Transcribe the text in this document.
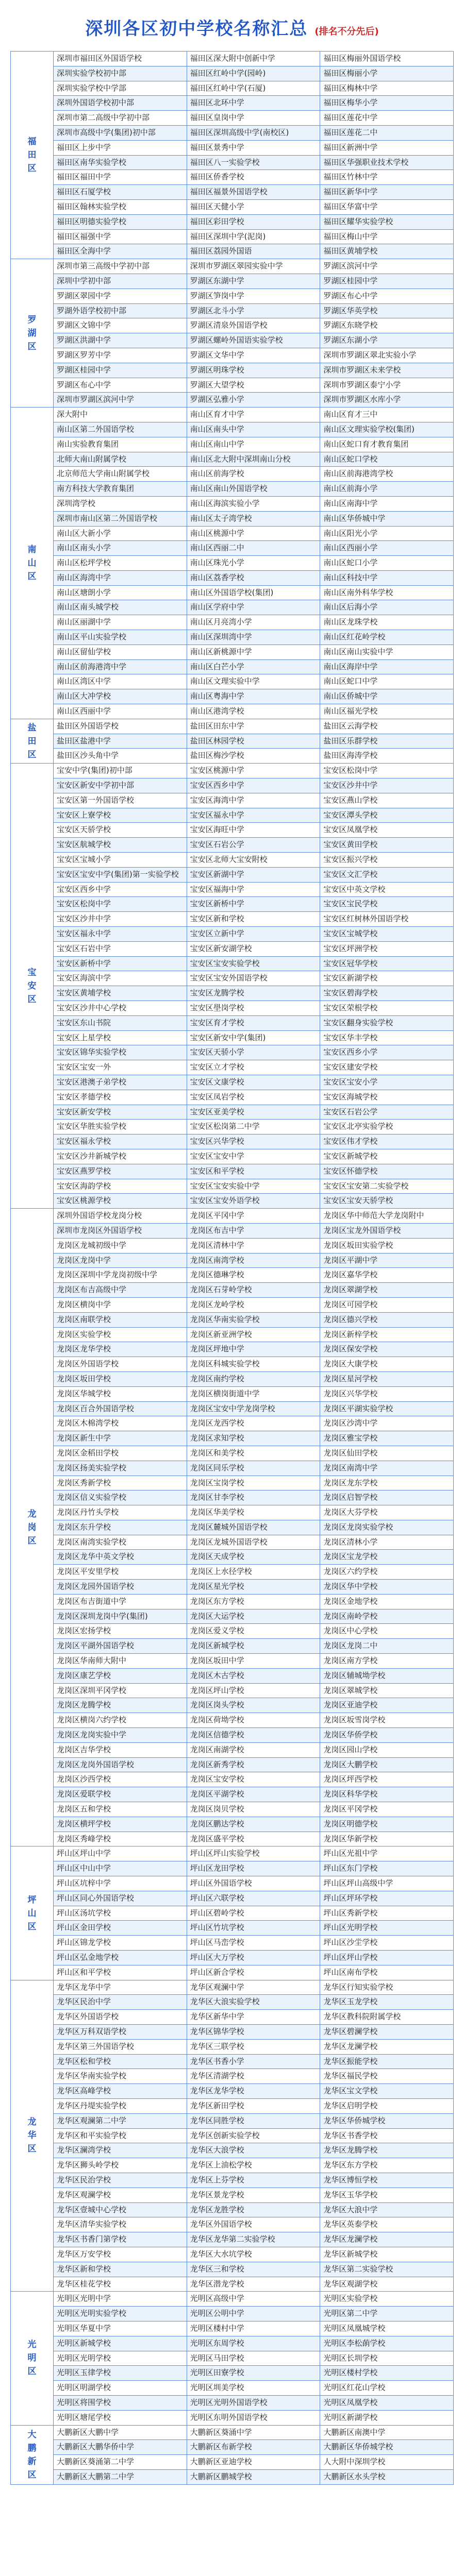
深圳各区初中学校名称汇总 (排名不分先后)
福
田
区	深圳市福田区外国语学校	福田区深大附中创新中学	福田区梅丽外国语学校
	深圳实验学校初中部	福田区红岭中学(园岭)	福田区梅丽小学
	深圳实验学校中学部	福田区红岭中学(石厦)	福田区梅林中学
	深圳外国语学校初中部	福田区北环中学	福田区梅华小学
	深圳市第二高级中学初中部	福田区皇岗中学	福田区莲花中学
	深圳市高级中学(集团)初中部	福田区深圳高级中学(南校区)	福田区莲花二中
	福田区上步中学	福田区景秀中学	福田区新洲中学
	福田区南华实验学校	福田区八一实验学校	福田区华强职业技术学校
	福田区福田中学	福田区侨香学校	福田区竹林中学
	福田区石厦学校	福田区福景外国语学校	福田区新华中学
	福田区翰林实验学校	福田区天健小学	福田区华富中学
	福田区明德实验学校	福田区彩田学校	福田区耀华实验学校
	福田区福强中学	福田区深圳中学(泥岗)	福田区梅山中学
	福田区全海中学	福田区荔园外国语	福田区黄埔学校
罗
湖
区	深圳市第三高级中学初中部	深圳市罗湖区翠园实验中学	罗湖区滨河中学
	深圳中学初中部	罗湖区东湖中学	罗湖区桂园中学
	罗湖区翠园中学	罗湖区笋岗中学	罗湖区布心中学
	罗湖外语学校初中部	罗湖区北斗小学	罗湖区华英学校
	罗湖区文锦中学	罗湖区清泉外国语学校	罗湖区东晓学校
	罗湖区洪湖中学	罗湖区螺岭外国语实验学校	罗湖区东湖小学
	罗湖区罗芳中学	罗湖区文华中学	深圳市罗湖区翠北实验小学
	罗湖区桂园中学	罗湖区明珠学校	深圳市罗湖区未来学校
	罗湖区布心中学	罗湖区大望学校	深圳市罗湖区泰宁小学
	深圳市罗湖区滨河中学	罗湖区弘雅小学	深圳市罗湖区水库小学
南
山
区	深大附中	南山区育才中学	南山区育才三中
	南山区第二外国语学校	南山区南头中学	南山区文理实验学校(集团)
	南山实验教育集团	南山区南山中学	南山区蛇口育才教育集团
	北师大南山附属学校	南山区北大附中深圳南山分校	南山区蛇口学校
	北京师范大学南山附属学校	南山区前海学校	南山区前海港湾学校
	南方科技大学教育集团	南山区南山外国语学校	南山区前海小学
	深圳湾学校	南山区海滨实验小学	南山区南海中学
	深圳市南山区第二外国语学校	南山区太子湾学校	南山区华侨城中学
	南山区大新小学	南山区桃源中学	南山区阳光小学
	南山区南头小学	南山区西丽二中	南山区西丽小学
	南山区松坪学校	南山区珠光小学	南山区蛇口小学
	南山区海湾中学	南山区荔香学校	南山区科技中学
	南山区塘朗小学	南山区外国语学校(集团)	南山区南外科华学校
	南山区南头城学校	南山区学府中学	南山区后海小学
	南山区丽湖中学	南山区月亮湾小学	南山区龙珠学校
	南山区平山实验学校	南山区深圳湾中学	南山区红花岭学校
	南山区留仙学校	南山区新桃源中学	南山区南山实验中学
	南山区前海港湾中学	南山区白芒小学	南山区海岸中学
	南山区湾区中学	南山区文理实验中学	南山区蛇口中学
	南山区大冲学校	南山区粤海中学	南山区侨城中学
	南山区西丽中学	南山区港湾学校	南山区福光学校
盐
田
区	盐田区外国语学校	盐田区田东中学	盐田区云海学校
	盐田区盐港中学	盐田区林园学校	盐田区乐群学校
	盐田区沙头角中学	盐田区梅沙学校	盐田区海涛学校
宝
安
区	宝安中学(集团)初中部	宝安区桃源中学	宝安区松岗中学
	宝安区新安中学初中部	宝安区西乡中学	宝安区沙井中学
	宝安区第一外国语学校	宝安区海湾中学	宝安区燕山学校
	宝安区上寮学校	宝安区福永中学	宝安区潭头学校
	宝安区天骄学校	宝安区海旺中学	宝安区凤凰学校
	宝安区航城学校	宝安区石岩公学	宝安区黄田学校
	宝安区宝城小学	宝安区北师大宝安附校	宝安区振兴学校
	宝安区宝安中学(集团)第一实验学校	宝安区新湖中学	宝安区文汇学校
	宝安区西乡中学	宝安区福海中学	宝安区中英文学校
	宝安区松岗中学	宝安区新桥中学	宝安区宝民学校
	宝安区沙井中学	宝安区新和学校	宝安区红树林外国语学校
	宝安区福永中学	宝安区立新中学	宝安区宝城学校
	宝安区石岩中学	宝安区新安湖学校	宝安区坪洲学校
	宝安区新桥中学	宝安区宝安实验学校	宝安区冠华学校
	宝安区海滨中学	宝安区宝安外国语学校	宝安区新湖学校
	宝安区黄埔学校	宝安区龙腾学校	宝安区碧海学校
	宝安区沙井中心学校	宝安区壆岗学校	宝安区荣根学校
	宝安区东山书院	宝安区育才学校	宝安区翻身实验学校
	宝安区上星学校	宝安区新安中学(集团)	宝安区华丰学校
	宝安区锦华实验学校	宝安区天骄小学	宝安区西乡小学
	宝安区宝安一外	宝安区立才学校	宝安区建安学校
	宝安区港澳子弟学校	宝安区文康学校	宝安区宝安小学
	宝安区孝德学校	宝安区凤岩学校	宝安区海城学校
	宝安区新安学校	宝安区亚美学校	宝安区石岩公学
	宝安区华胜实验学校	宝安区松岗第二中学	宝安区北亭实验学校
	宝安区福永学校	宝安区兴华学校	宝安区伟才学校
	宝安区沙井新城学校	宝安区宝安中学	宝安区新城学校
	宝安区燕罗学校	宝安区和平学校	宝安区怀德学校
	宝安区海韵学校	宝安区宝安实验中学	宝安区宝安第二实验学校
	宝安区桃源学校	宝安区宝安外语学校	宝安区宝安天骄学校
龙
岗
区	深圳外国语学校龙岗分校	龙岗区平冈中学	龙岗区华中师范大学龙岗附中
	深圳市龙岗区外国语学校	龙岗区布吉中学	龙岗区宝龙外国语学校
	龙岗区龙城初级中学	龙岗区清林中学	龙岗区坂田实验学校
	龙岗区龙岗中学	龙岗区南湾学校	龙岗区平湖中学
	龙岗区深圳中学龙岗初级中学	龙岗区德琳学校	龙岗区嘉华学校
	龙岗区布吉高级中学	龙岗区石芽岭学校	龙岗区翠湖学校
	龙岗区横岗中学	龙岗区龙岭学校	龙岗区可园学校
	龙岗区南联学校	龙岗区华南实验学校	龙岗区德兴学校
	龙岗区实验学校	龙岗区新亚洲学校	龙岗区新梓学校
	龙岗区龙华学校	龙岗区坪地中学	龙岗区保安学校
	龙岗区外国语学校	龙岗区科城实验学校	龙岗区大康学校
	龙岗区坂田学校	龙岗区南约学校	龙岗区星河学校
	龙岗区华城学校	龙岗区横岗街道中学	龙岗区兴华学校
	龙岗区百合外国语学校	龙岗区宝安中学龙岗学校	龙岗区平湖实验学校
	龙岗区木棉湾学校	龙岗区龙西学校	龙岗区沙湾中学
	龙岗区新生中学	龙岗区求知学校	龙岗区雅宝学校
	龙岗区金稻田学校	龙岗区和美学校	龙岗区仙田学校
	龙岗区扬美实验学校	龙岗区同乐学校	龙岗区南湾中学
	龙岗区秀新学校	龙岗区宝岗学校	龙岗区龙东学校
	龙岗区信义实验学校	龙岗区甘李学校	龙岗区启智学校
	龙岗区丹竹头学校	龙岗区华美学校	龙岗区大芬学校
	龙岗区东升学校	龙岗区麓城外国语学校	龙岗区龙岗实验学校
	龙岗区南湾实验学校	龙岗区龙城外国语学校	龙岗区清林小学
	龙岗区龙华中英文学校	龙岗区天成学校	龙岗区宝龙学校
	龙岗区平安里学校	龙岗区上水径学校	龙岗区六约学校
	龙岗区龙园外国语学校	龙岗区星光学校	龙岗区华中学校
	龙岗区布吉街道中学	龙岗区东方学校	龙岗区金地学校
	龙岗区深圳龙岗中学(集团)	龙岗区大运学校	龙岗区南岭学校
	龙岗区宏扬学校	龙岗区爱义学校	龙岗区中心学校
	龙岗区平湖外国语学校	龙岗区新城学校	龙岗区龙岗二中
	龙岗区华南师大附中	龙岗区坂田中学	龙岗区南方学校
	龙岗区康艺学校	龙岗区木古学校	龙岗区辅城坳学校
	龙岗区深圳平冈学校	龙岗区坪山学校	龙岗区翠城学校
	龙岗区龙腾学校	龙岗区岗头学校	龙岗区亚迪学校
	龙岗区横岗六约学校	龙岗区荷坳学校	龙岗区坂雪岗学校
	龙岗区龙岗实验中学	龙岗区信德学校	龙岗区华侨学校
	龙岗区吉华学校	龙岗区南湖学校	龙岗区园山学校
	龙岗区龙岗外国语学校	龙岗区新秀学校	龙岗区大鹏学校
	龙岗区沙西学校	龙岗区宝安学校	龙岗区坪西学校
	龙岗区爱联学校	龙岗区平湖学校	龙岗区科华学校
	龙岗区五和学校	龙岗区岗贝学校	龙岗区平冈学校
	龙岗区横坪学校	龙岗区鹏达学校	龙岗区明德学校
	龙岗区秀峰学校	龙岗区盛平学校	龙岗区华新学校
坪
山
区	坪山区坪山中学	坪山区坪山实验学校	坪山区光祖中学
	坪山区中山中学	坪山区龙田学校	坪山区东门学校
	坪山区坑梓中学	坪山区外国语学校	坪山区坪山高级中学
	坪山区同心外国语学校	坪山区六联学校	坪山区坪环学校
	坪山区汤坑学校	坪山区碧岭学校	坪山区秀新学校
	坪山区金田学校	坪山区竹坑学校	坪山区光明学校
	坪山区锦龙学校	坪山区马峦学校	坪山区沙坣学校
	坪山区弘金地学校	坪山区大万学校	坪山区坪山学校
	坪山区和平学校	坪山区新合学校	坪山区南布学校
龙
华
区	龙华区龙华中学	龙华区观澜中学	龙华区行知实验学校
	龙华区民治中学	龙华区大浪实验学校	龙华区玉龙学校
	龙华区外国语学校	龙华区新华中学	龙华区教科院附属学校
	龙华区万科双语学校	龙华区锦华学校	龙华区碧澜学校
	龙华区第三外国语学校	龙华区三联学校	龙华区龙澜学校
	龙华区松和学校	龙华区书香小学	龙华区振能学校
	龙华区华南实验学校	龙华区清湖学校	龙华区福民学校
	龙华区高峰学校	龙华区龙华学校	龙华区宝文学校
	龙华区丹堤实验学校	龙华区新田学校	龙华区启明学校
	龙华区观澜第二中学	龙华区同胜学校	龙华区华侨城学校
	龙华区和平实验学校	龙华区创新实验学校	龙华区书香学校
	龙华区澜湾学校	龙华区大浪学校	龙华区龙腾学校
	龙华区狮头岭学校	龙华区上油松学校	龙华区东方学校
	龙华区民治学校	龙华区上芬学校	龙华区博恒学校
	龙华区观澜学校	龙华区景龙学校	龙华区玉华学校
	龙华区壹城中心学校	龙华区龙胜学校	龙华区大浪中学
	龙华区清华实验学校	龙华区外国语学校	龙华区英泰学校
	龙华区书香门第学校	龙华区龙华第二实验学校	龙华区龙澜学校
	龙华区万安学校	龙华区大水坑学校	龙华区新城学校
	龙华区新和学校	龙华区三和学校	龙华区第二实验学校
	龙华区桂花学校	龙华区潜龙学校	龙华区观湖学校
光
明
区	光明区光明中学	光明区高级中学	光明区实验学校
	光明区光明实验学校	光明区公明中学	光明区第二中学
	光明区华夏中学	光明区楼村中学	光明区凤凰城学校
	光明区新城学校	光明区东周学校	光明区李松蓢学校
	光明区光明学校	光明区马田学校	光明区长圳学校
	光明区玉律学校	光明区田寮学校	光明区楼村学校
	光明区明湖学校	光明区圳美学校	光明区红花山学校
	光明区将围学校	光明区光明外国语学校	光明区凤凰学校
	光明区塘尾学校	光明区东明外国语学校	光明区新湖学校
大
鹏
新
区	大鹏新区大鹏中学	大鹏新区葵涌中学	大鹏新区南澳中学
	大鹏新区大鹏华侨中学	大鹏新区布新学校	大鹏新区华侨城学校
	大鹏新区葵涌第二中学	大鹏新区亚迪学校	人大附中深圳学校
	大鹏新区大鹏第二中学	大鹏新区鹏城学校	大鹏新区水头学校
